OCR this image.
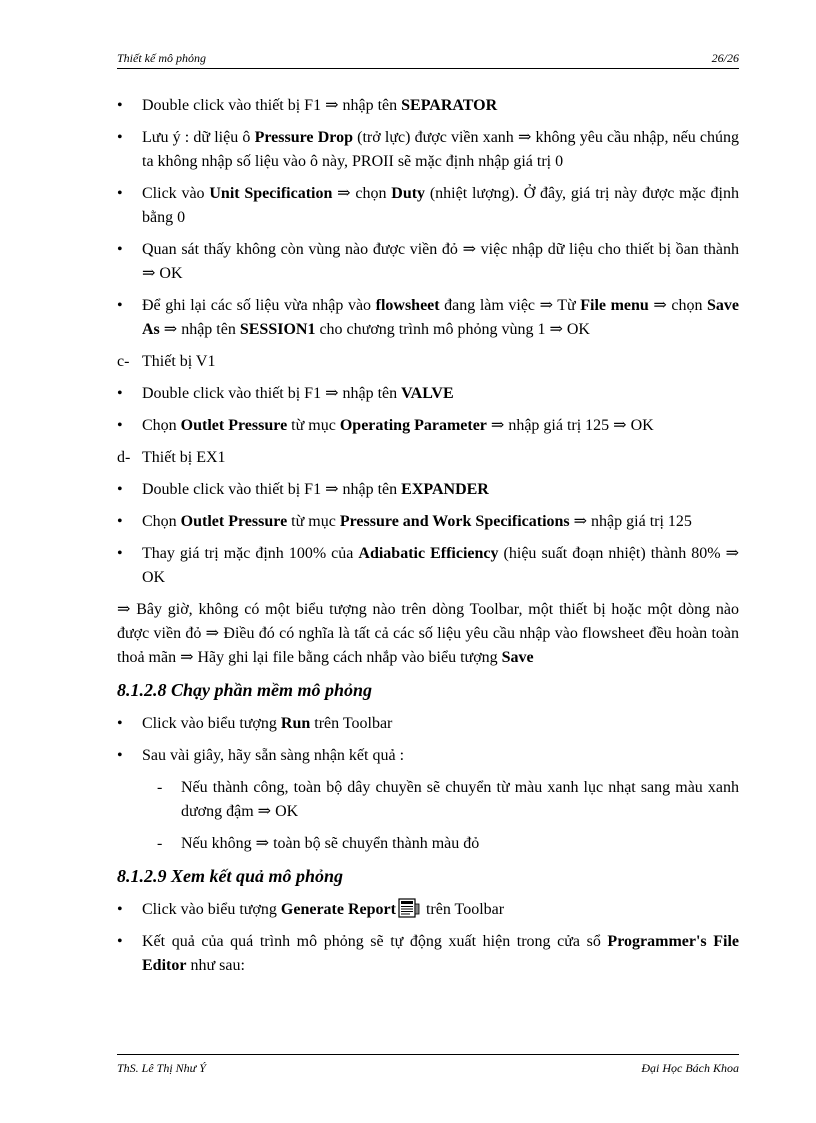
Thiết kế mô phỏng	26/26
• Double click vào thiết bị F1 ⇒ nhập tên SEPARATOR
• Lưu ý : dữ liệu ô Pressure Drop (trở lực) được viền xanh ⇒ không yêu cầu nhập, nếu chúng ta không nhập số liệu vào ô này, PROII sẽ mặc định nhập giá trị 0
• Click vào Unit Specification ⇒ chọn Duty (nhiệt lượng). Ở đây, giá trị này được mặc định bằng 0
• Quan sát thấy không còn vùng nào được viền đỏ ⇒ việc nhập dữ liệu cho thiết bị ồan thành ⇒ OK
• Để ghi lại các số liệu vừa nhập vào flowsheet đang làm việc ⇒ Từ File menu ⇒ chọn Save As ⇒ nhập tên SESSION1 cho chương trình mô phỏng vùng 1 ⇒ OK
c- Thiết bị V1
• Double click vào thiết bị F1 ⇒ nhập tên VALVE
• Chọn Outlet Pressure từ mục Operating Parameter ⇒ nhập giá trị 125 ⇒ OK
d- Thiết bị EX1
• Double click vào thiết bị F1 ⇒ nhập tên EXPANDER
• Chọn Outlet Pressure từ mục Pressure and Work Specifications ⇒ nhập giá trị 125
• Thay giá trị mặc định 100% của Adiabatic Efficiency (hiệu suất đoạn nhiệt) thành 80% ⇒ OK
⇒ Bây giờ, không có một biểu tượng nào trên dòng Toolbar, một thiết bị hoặc một dòng nào được viền đỏ ⇒ Điều đó có nghĩa là tất cả các số liệu yêu cầu nhập vào flowsheet đều hoàn toàn thoả mãn ⇒ Hãy ghi lại file bằng cách nhắp vào biểu tượng Save
8.1.2.8 Chạy phần mềm mô phỏng
• Click vào biểu tượng Run trên Toolbar
• Sau vài giây, hãy sẵn sàng nhận kết quả :
- Nếu thành công, toàn bộ dây chuyền sẽ chuyển từ màu xanh lục nhạt sang màu xanh dương đậm ⇒ OK
- Nếu không ⇒ toàn bộ sẽ chuyển thành màu đỏ
8.1.2.9 Xem kết quả mô phỏng
• Click vào biểu tượng Generate Report trên Toolbar
• Kết quả của quá trình mô phỏng sẽ tự động xuất hiện trong cửa sổ Programmer's File Editor như sau:
ThS. Lê Thị Như Ý	Đại Học Bách Khoa
